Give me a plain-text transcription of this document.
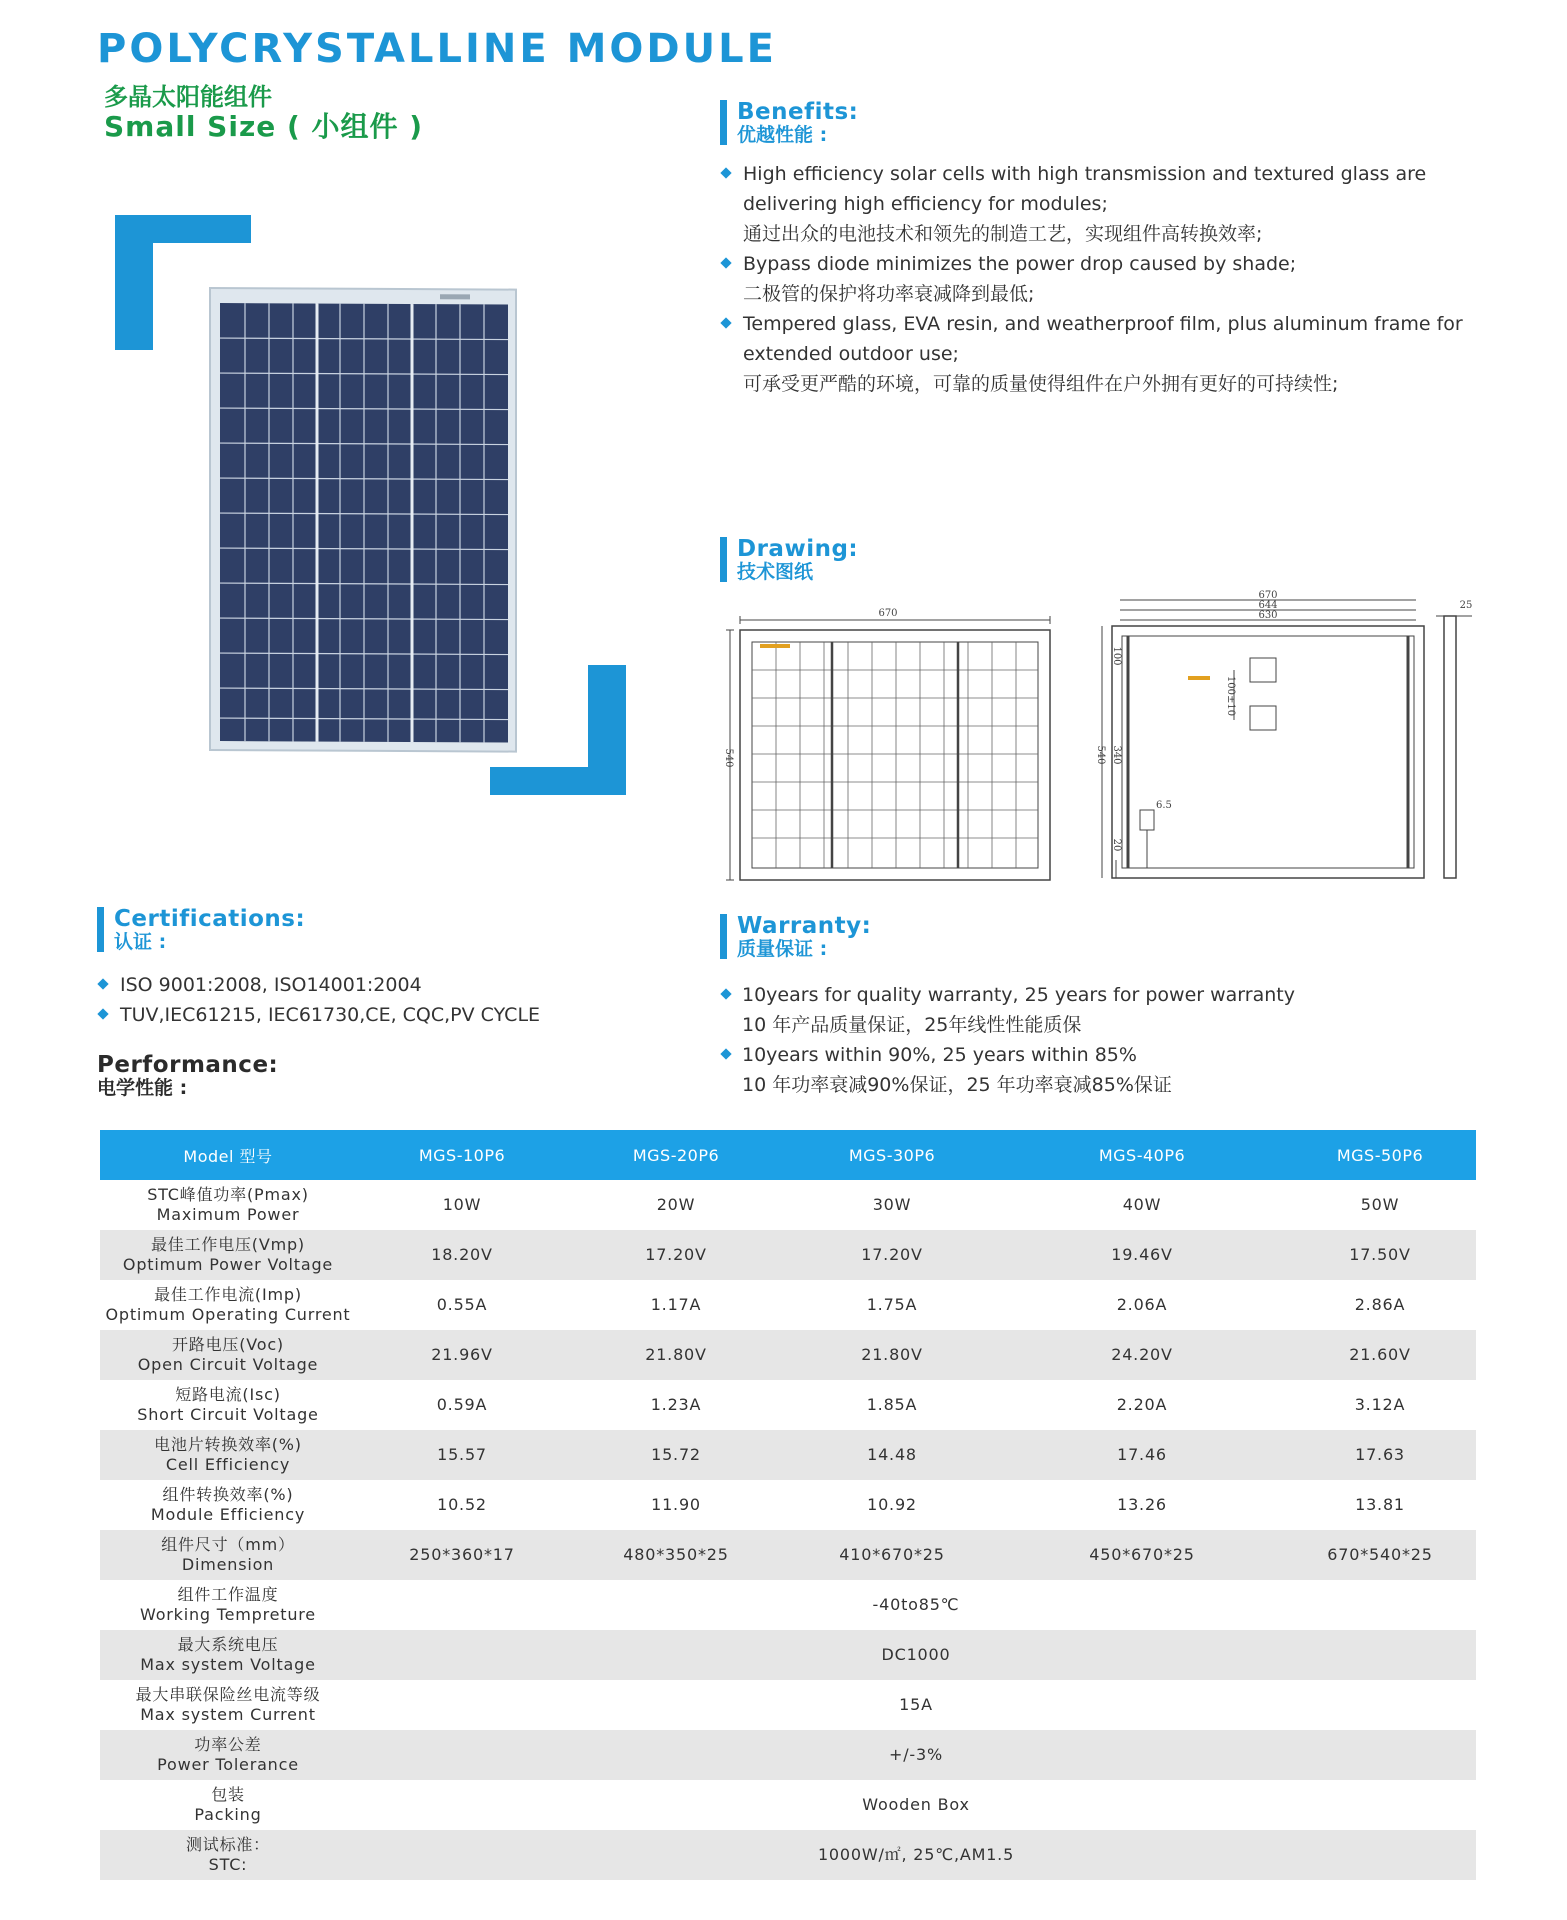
POLYCRYSTALLINE MODULE
多晶太阳能组件
Small Size ( 小组件 )	Benefits:
优越性能 :
High efficiency solar cells with high transmission and textured glass are delivering high efficiency for modules;
通过出众的电池技术和领先的制造工艺，实现组件高转换效率;
Bypass diode minimizes the power drop caused by shade;
二极管的保护将功率衰减降到最低;
Tempered glass, EVA resin, and weatherproof film, plus aluminum frame for extended outdoor use;
可承受更严酷的环境，可靠的质量使得组件在户外拥有更好的可持续性;
Drawing:
技术图纸
670
540
670
644
630
540 340
100
20
6.5
100±10
25
Certifications:
认证 :
ISO 9001:2008, ISO14001:2004
TUV,IEC61215, IEC61730,CE, CQC,PV CYCLE
Warranty:
质量保证 :
10years for quality warranty, 25 years for power warranty
10 年产品质量保证，25年线性性能质保
10years within 90%, 25 years within 85%
10 年功率衰减90%保证，25 年功率衰减85%保证
Performance:
电学性能 :
Model 型号	MGS-10P6	MGS-20P6	MGS-30P6	MGS-40P6	MGS-50P6

STC峰值功率(Pmax)
Maximum Power	10W	20W	30W	40W	50W

最佳工作电压(Vmp)
Optimum Power Voltage	18.20V	17.20V	17.20V	19.46V	17.50V

最佳工作电流(Imp)
Optimum Operating Current	0.55A	1.17A	1.75A	2.06A	2.86A

开路电压(Voc)
Open Circuit Voltage	21.96V	21.80V	21.80V	24.20V	21.60V

短路电流(Isc)
Short Circuit Voltage	0.59A	1.23A	1.85A	2.20A	3.12A

电池片转换效率(%)
Cell Efficiency	15.57	15.72	14.48	17.46	17.63

组件转换效率(%)
Module Efficiency	10.52	11.90	10.92	13.26	13.81

组件尺寸（mm）
Dimension	250*360*17	480*350*25	410*670*25	450*670*25	670*540*25

组件工作温度
Working Tempreture	-40to85℃				

最大系统电压
Max system Voltage	DC1000				

最大串联保险丝电流等级
Max system Current	15A				

功率公差
Power Tolerance	+/-3%				

包装
Packing	Wooden Box				

测试标准：
STC:	1000W/㎡, 25℃,AM1.5				
